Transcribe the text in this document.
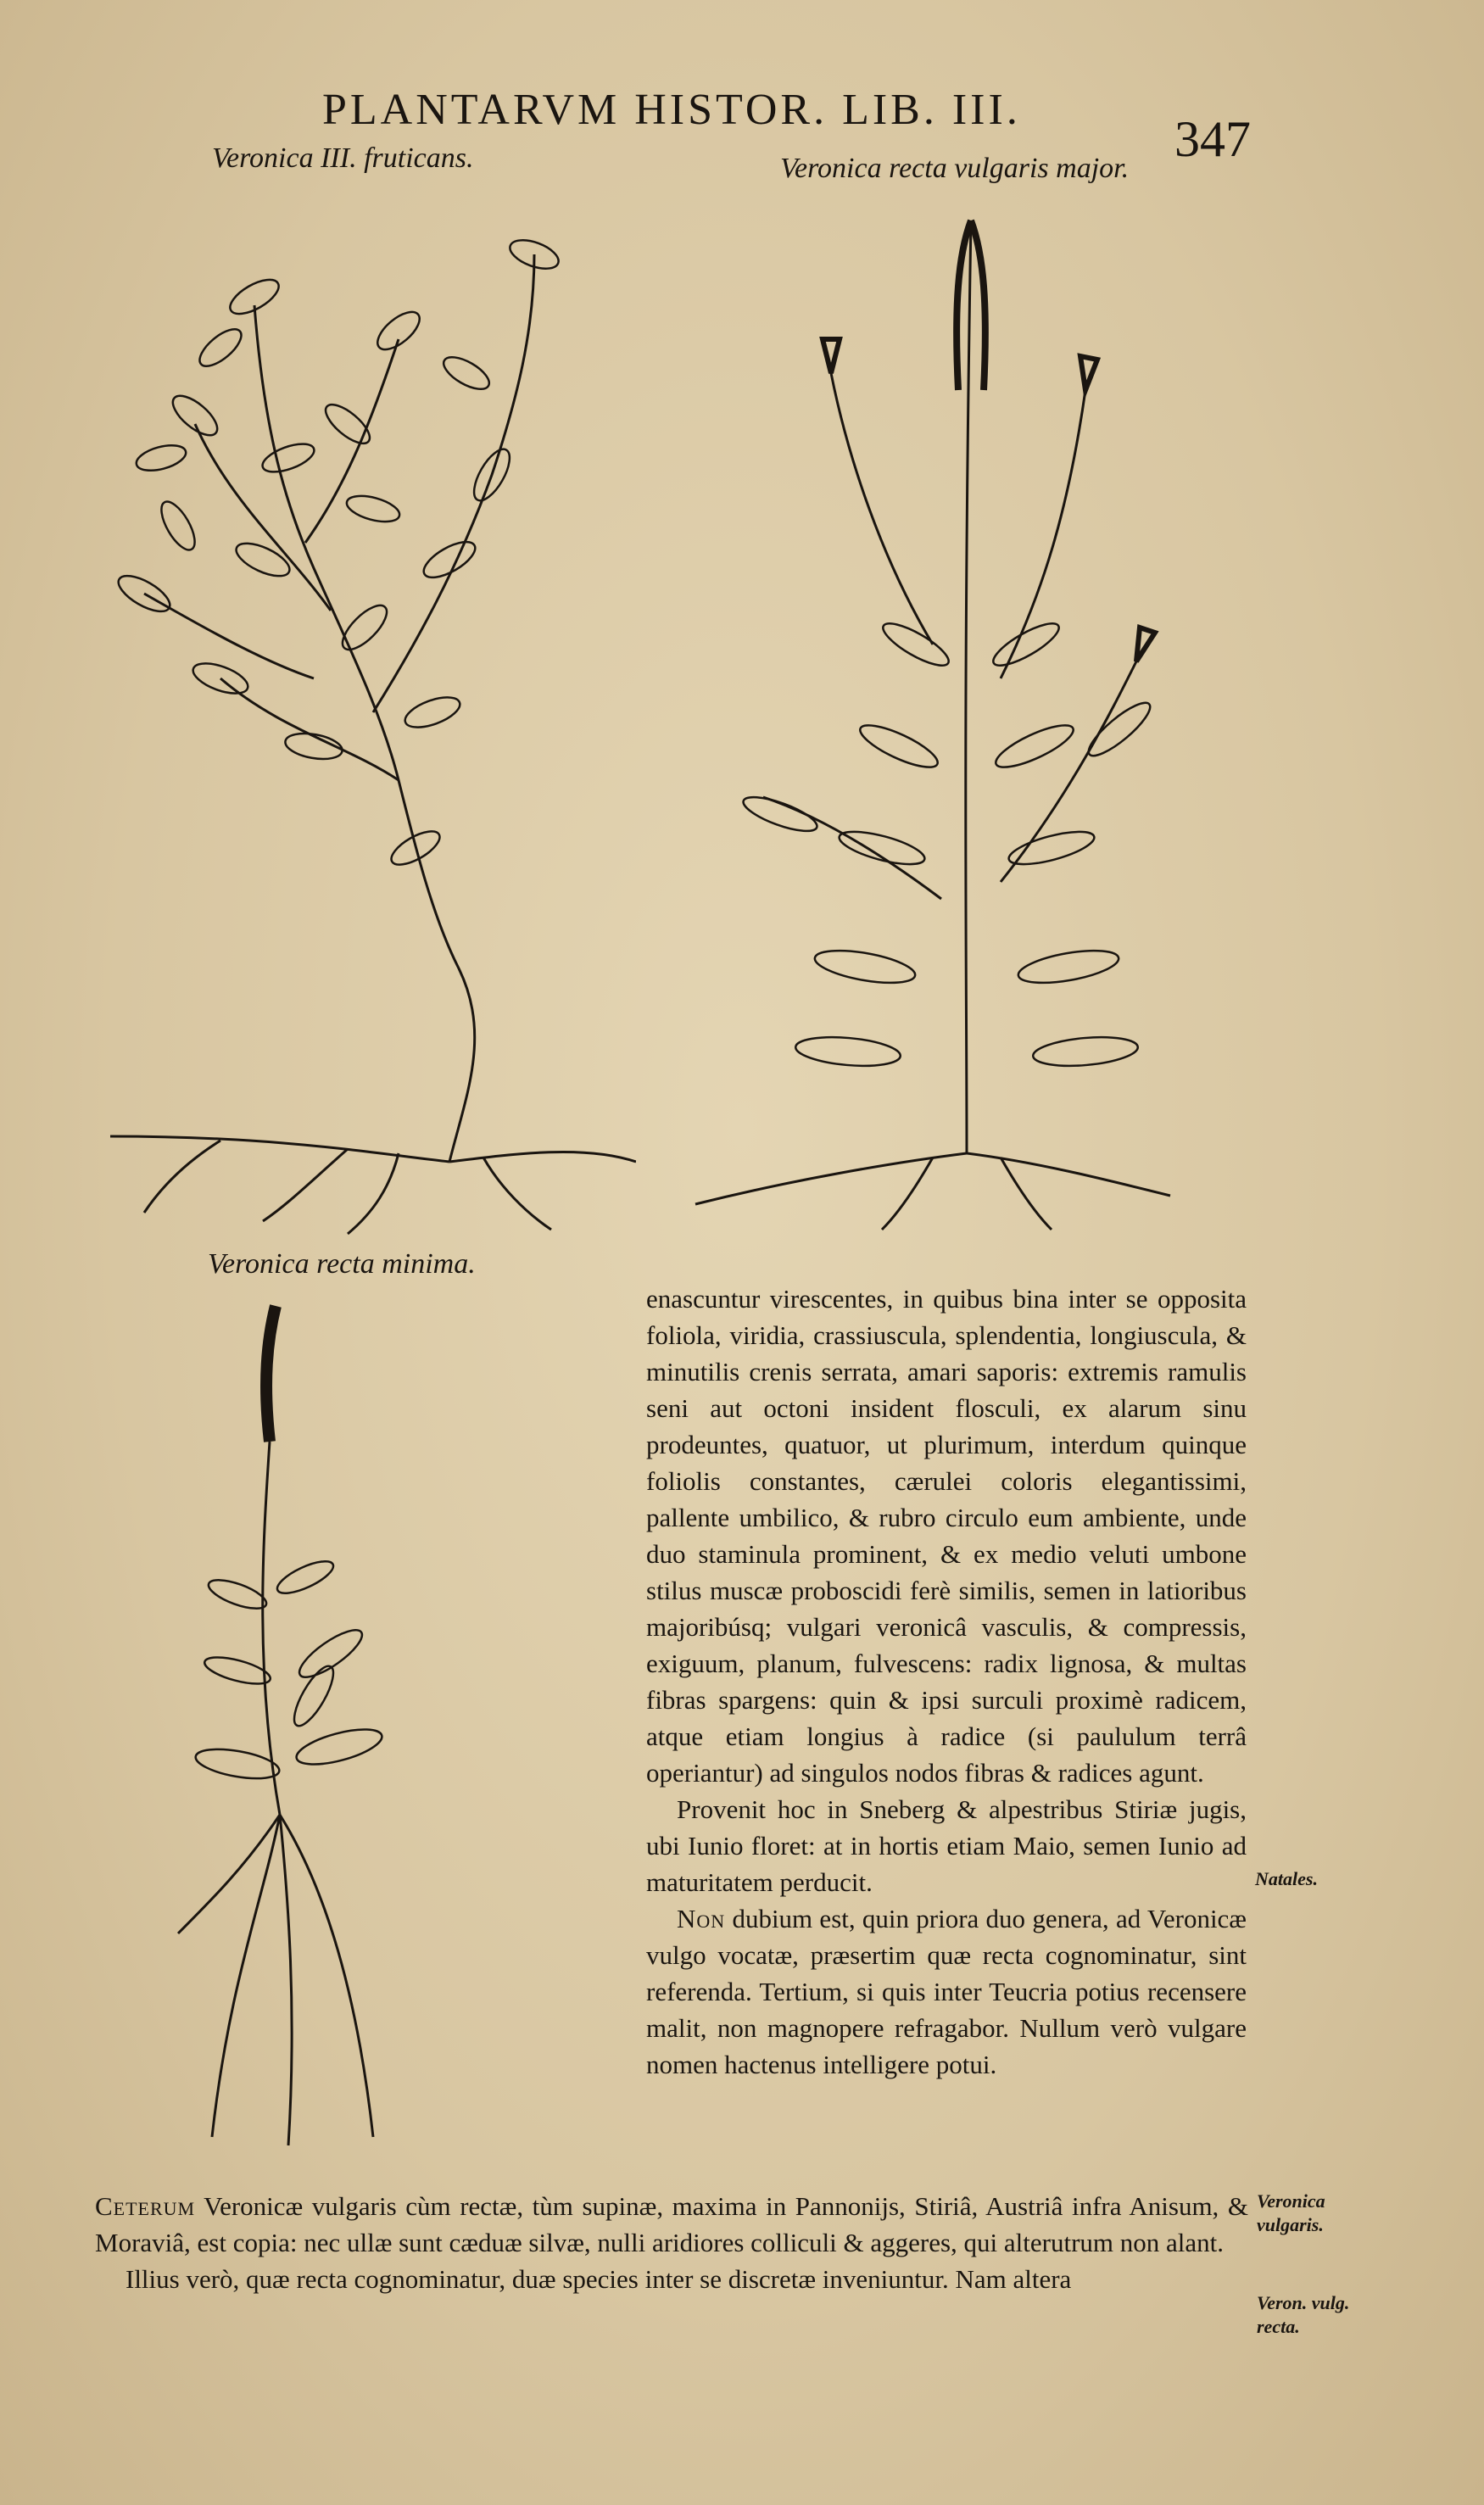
PLANTARVM HISTOR. LIB. III.
347
Veronica III. fruticans.	Veronica recta vulgaris major.
Veronica recta minima.

enascuntur virescentes, in quibus bina inter se opposita foliola, viridia, crassiuscula, splendentia, longiuscula, & minutilis crenis serrata, amari saporis: extremis ramulis seni aut octoni insident flosculi, ex alarum sinu prodeuntes, quatuor, ut plurimum, interdum quinque foliolis constantes, cærulei coloris elegantissimi, pallente umbilico, & rubro circulo eum ambiente, unde duo staminula prominent, & ex medio veluti umbone stilus muscæ proboscidi ferè similis, semen in latioribus majoribúsq; vulgari veronicâ vasculis, & compressis, exiguum, planum, fulvescens: radix lignosa, & multas fibras spargens: quin & ipsi surculi proximè radicem, atque etiam longius à radice (si paululum terrâ operiantur) ad singulos nodos fibras & radices agunt.

Provenit hoc in Sneberg & alpestribus Stiriæ jugis, ubi Iunio floret: at in hortis etiam Maio, semen Iunio ad maturitatem perducit.

Non dubium est, quin priora duo genera, ad Veronicæ vulgo vocatæ, præsertim quæ recta cognominatur, sint referenda. Tertium, si quis inter Teucria potius recensere malit, non magnopere refragabor. Nullum verò vulgare nomen hactenus intelligere potui.

Ceterum Veronicæ vulgaris cùm rectæ, tùm supinæ, maxima in Pannonijs, Stiriâ, Austriâ infra Anisum, & Moraviâ, est copia: nec ullæ sunt cæduæ silvæ, nulli aridiores colliculi & aggeres, qui alterutrum non alant.

Illius verò, quæ recta cognominatur, duæ species inter se discretæ inveniuntur. Nam altera

Natales.
Veronica
vulgaris.
Veron. vulg.
recta.
